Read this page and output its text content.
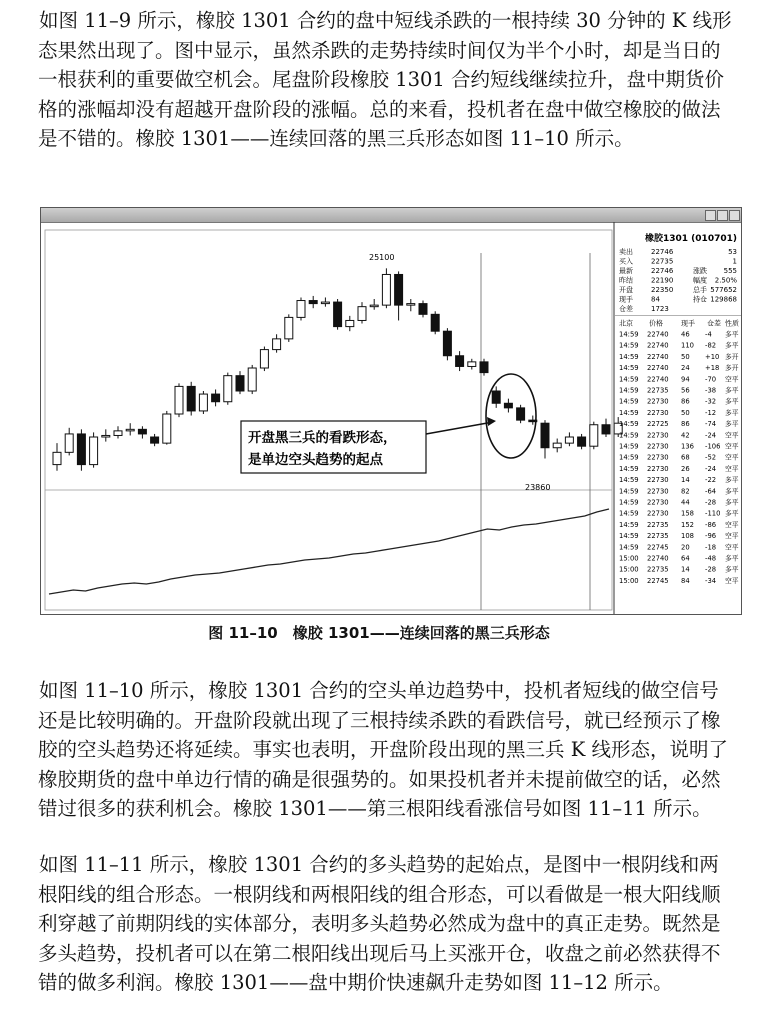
如图 11–9 所示，橡胶 1301 合约的盘中短线杀跌的一根持续 30 分钟的 K 线形态果然出现了。图中显示，虽然杀跌的走势持续时间仅为半个小时，却是当日的一根获利的重要做空机会。尾盘阶段橡胶 1301 合约短线继续拉升，盘中期货价格的涨幅却没有超越开盘阶段的涨幅。总的来看，投机者在盘中做空橡胶的做法是不错的。橡胶 1301——连续回落的黑三兵形态如图 11–10 所示。

25100
23860
开盘黑三兵的看跌形态，
是单边空头趋势的起点
橡胶1301 (010701)
卖出	22746	53
买入	22735	1
最新	22746	涨跌 555
昨结	22190	幅度 2.50%
开盘	22350	总手 577652
现手	84	持仓 129868
仓差	1723
北京 价格	现手 仓差 性质
14:59 22740 46 -4 多平
14:59 22740 110 -82 多平
14:59 22740 50 +10 多开
14:59 22740 24 +18 多开
14:59 22740 94 -70 空平
14:59 22735 56 -38 多平
14:59 22730 86 -32 多平
14:59 22730 50 -12 多平
14:59 22725 86 -74 多平
14:59 22730 42 -24 空平
14:59 22730 136 -106 空平
14:59 22730 68 -52 空平
14:59 22730 26 -24 空平
14:59 22730 14 -22 多平
14:59 22730 82 -64 多平
14:59 22730 44 -28 多平
14:59 22730 158 -110 多平
14:59 22735 152 -86 空平
14:59 22735 108 -96 空平
14:59 22745 20 -18 空平
15:00 22740 64 -48 多平
15:00 22735 14 -28 多平
15:00 22745 84 -34 空平
图 11–10　橡胶 1301——连续回落的黑三兵形态

如图 11–10 所示，橡胶 1301 合约的空头单边趋势中，投机者短线的做空信号还是比较明确的。开盘阶段就出现了三根持续杀跌的看跌信号，就已经预示了橡胶的空头趋势还将延续。事实也表明，开盘阶段出现的黑三兵 K 线形态，说明了橡胶期货的盘中单边行情的确是很强势的。如果投机者并未提前做空的话，必然错过很多的获利机会。橡胶 1301——第三根阳线看涨信号如图 11–11 所示。

如图 11–11 所示，橡胶 1301 合约的多头趋势的起始点，是图中一根阴线和两根阳线的组合形态。一根阴线和两根阳线的组合形态，可以看做是一根大阳线顺利穿越了前期阴线的实体部分，表明多头趋势必然成为盘中的真正走势。既然是多头趋势，投机者可以在第二根阳线出现后马上买涨开仓，收盘之前必然获得不错的做多利润。橡胶 1301——盘中期价快速飙升走势如图 11–12 所示。
